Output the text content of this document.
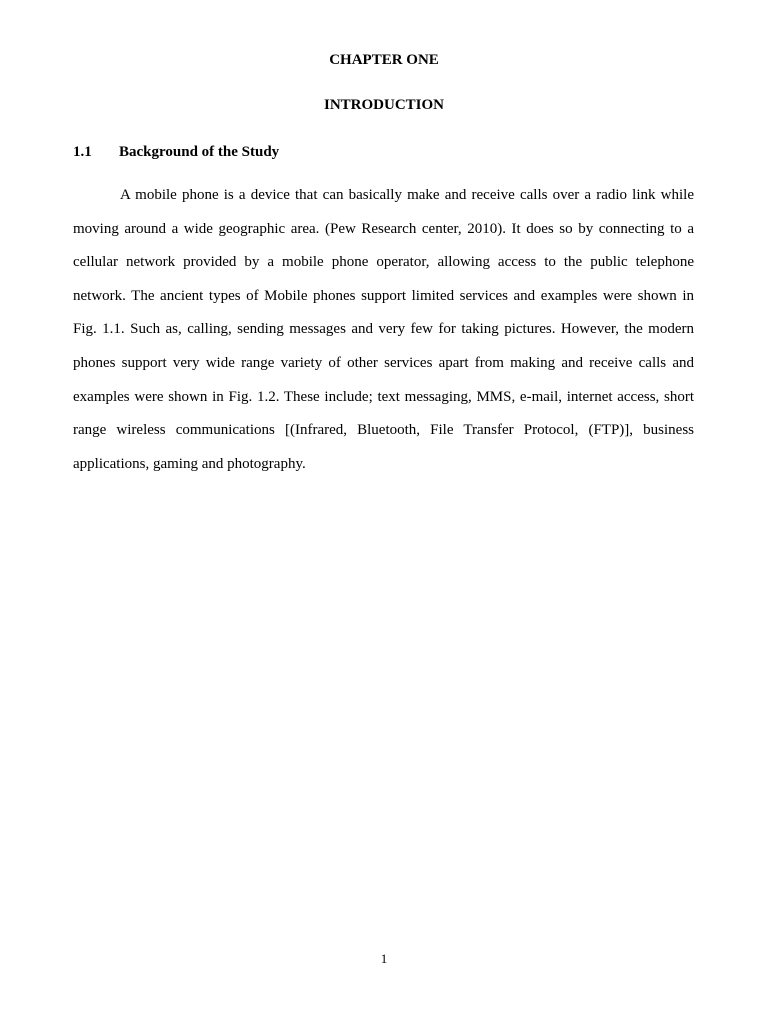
CHAPTER ONE
INTRODUCTION
1.1 Background of the Study

A mobile phone is a device that can basically make and receive calls over a radio link while moving around a wide geographic area. (Pew Research center, 2010). It does so by connecting to a cellular network provided by a mobile phone operator, allowing access to the public telephone network. The ancient types of Mobile phones support limited services and examples were shown in Fig. 1.1. Such as, calling, sending messages and very few for taking pictures. However, the modern phones support very wide range variety of other services apart from making and receive calls and examples were shown in Fig. 1.2. These include; text messaging, MMS, e-mail, internet access, short range wireless communications [(Infrared, Bluetooth, File Transfer Protocol, (FTP)], business applications, gaming and photography.

1
